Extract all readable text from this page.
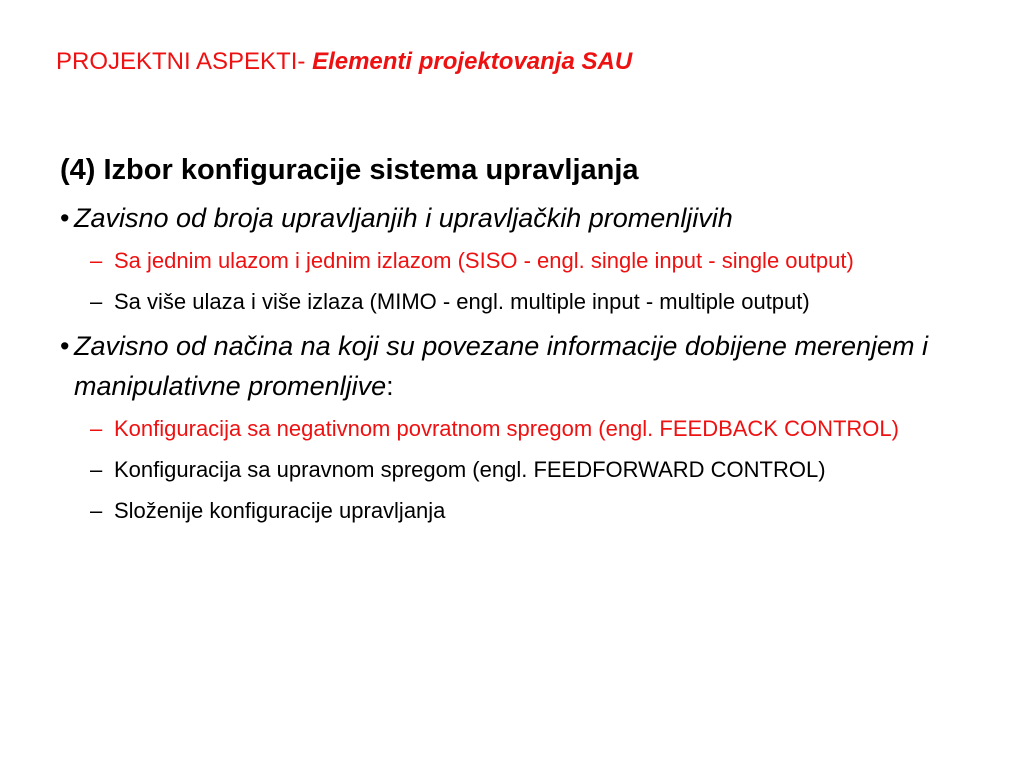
PROJEKTNI ASPEKTI- Elementi projektovanja SAU
(4) Izbor konfiguracije sistema upravljanja
• Zavisno od broja upravljanjih i upravljačkih promenljivih
– Sa jednim ulazom i jednim izlazom (SISO - engl. single input - single output)
– Sa više ulaza i više izlaza (MIMO - engl. multiple input - multiple output)
• Zavisno od načina na koji su povezane informacije dobijene merenjem i manipulativne promenljive:
– Konfiguracija sa negativnom povratnom spregom (engl. FEEDBACK CONTROL)
– Konfiguracija sa upravnom spregom (engl. FEEDFORWARD CONTROL)
– Složenije konfiguracije upravljanja
